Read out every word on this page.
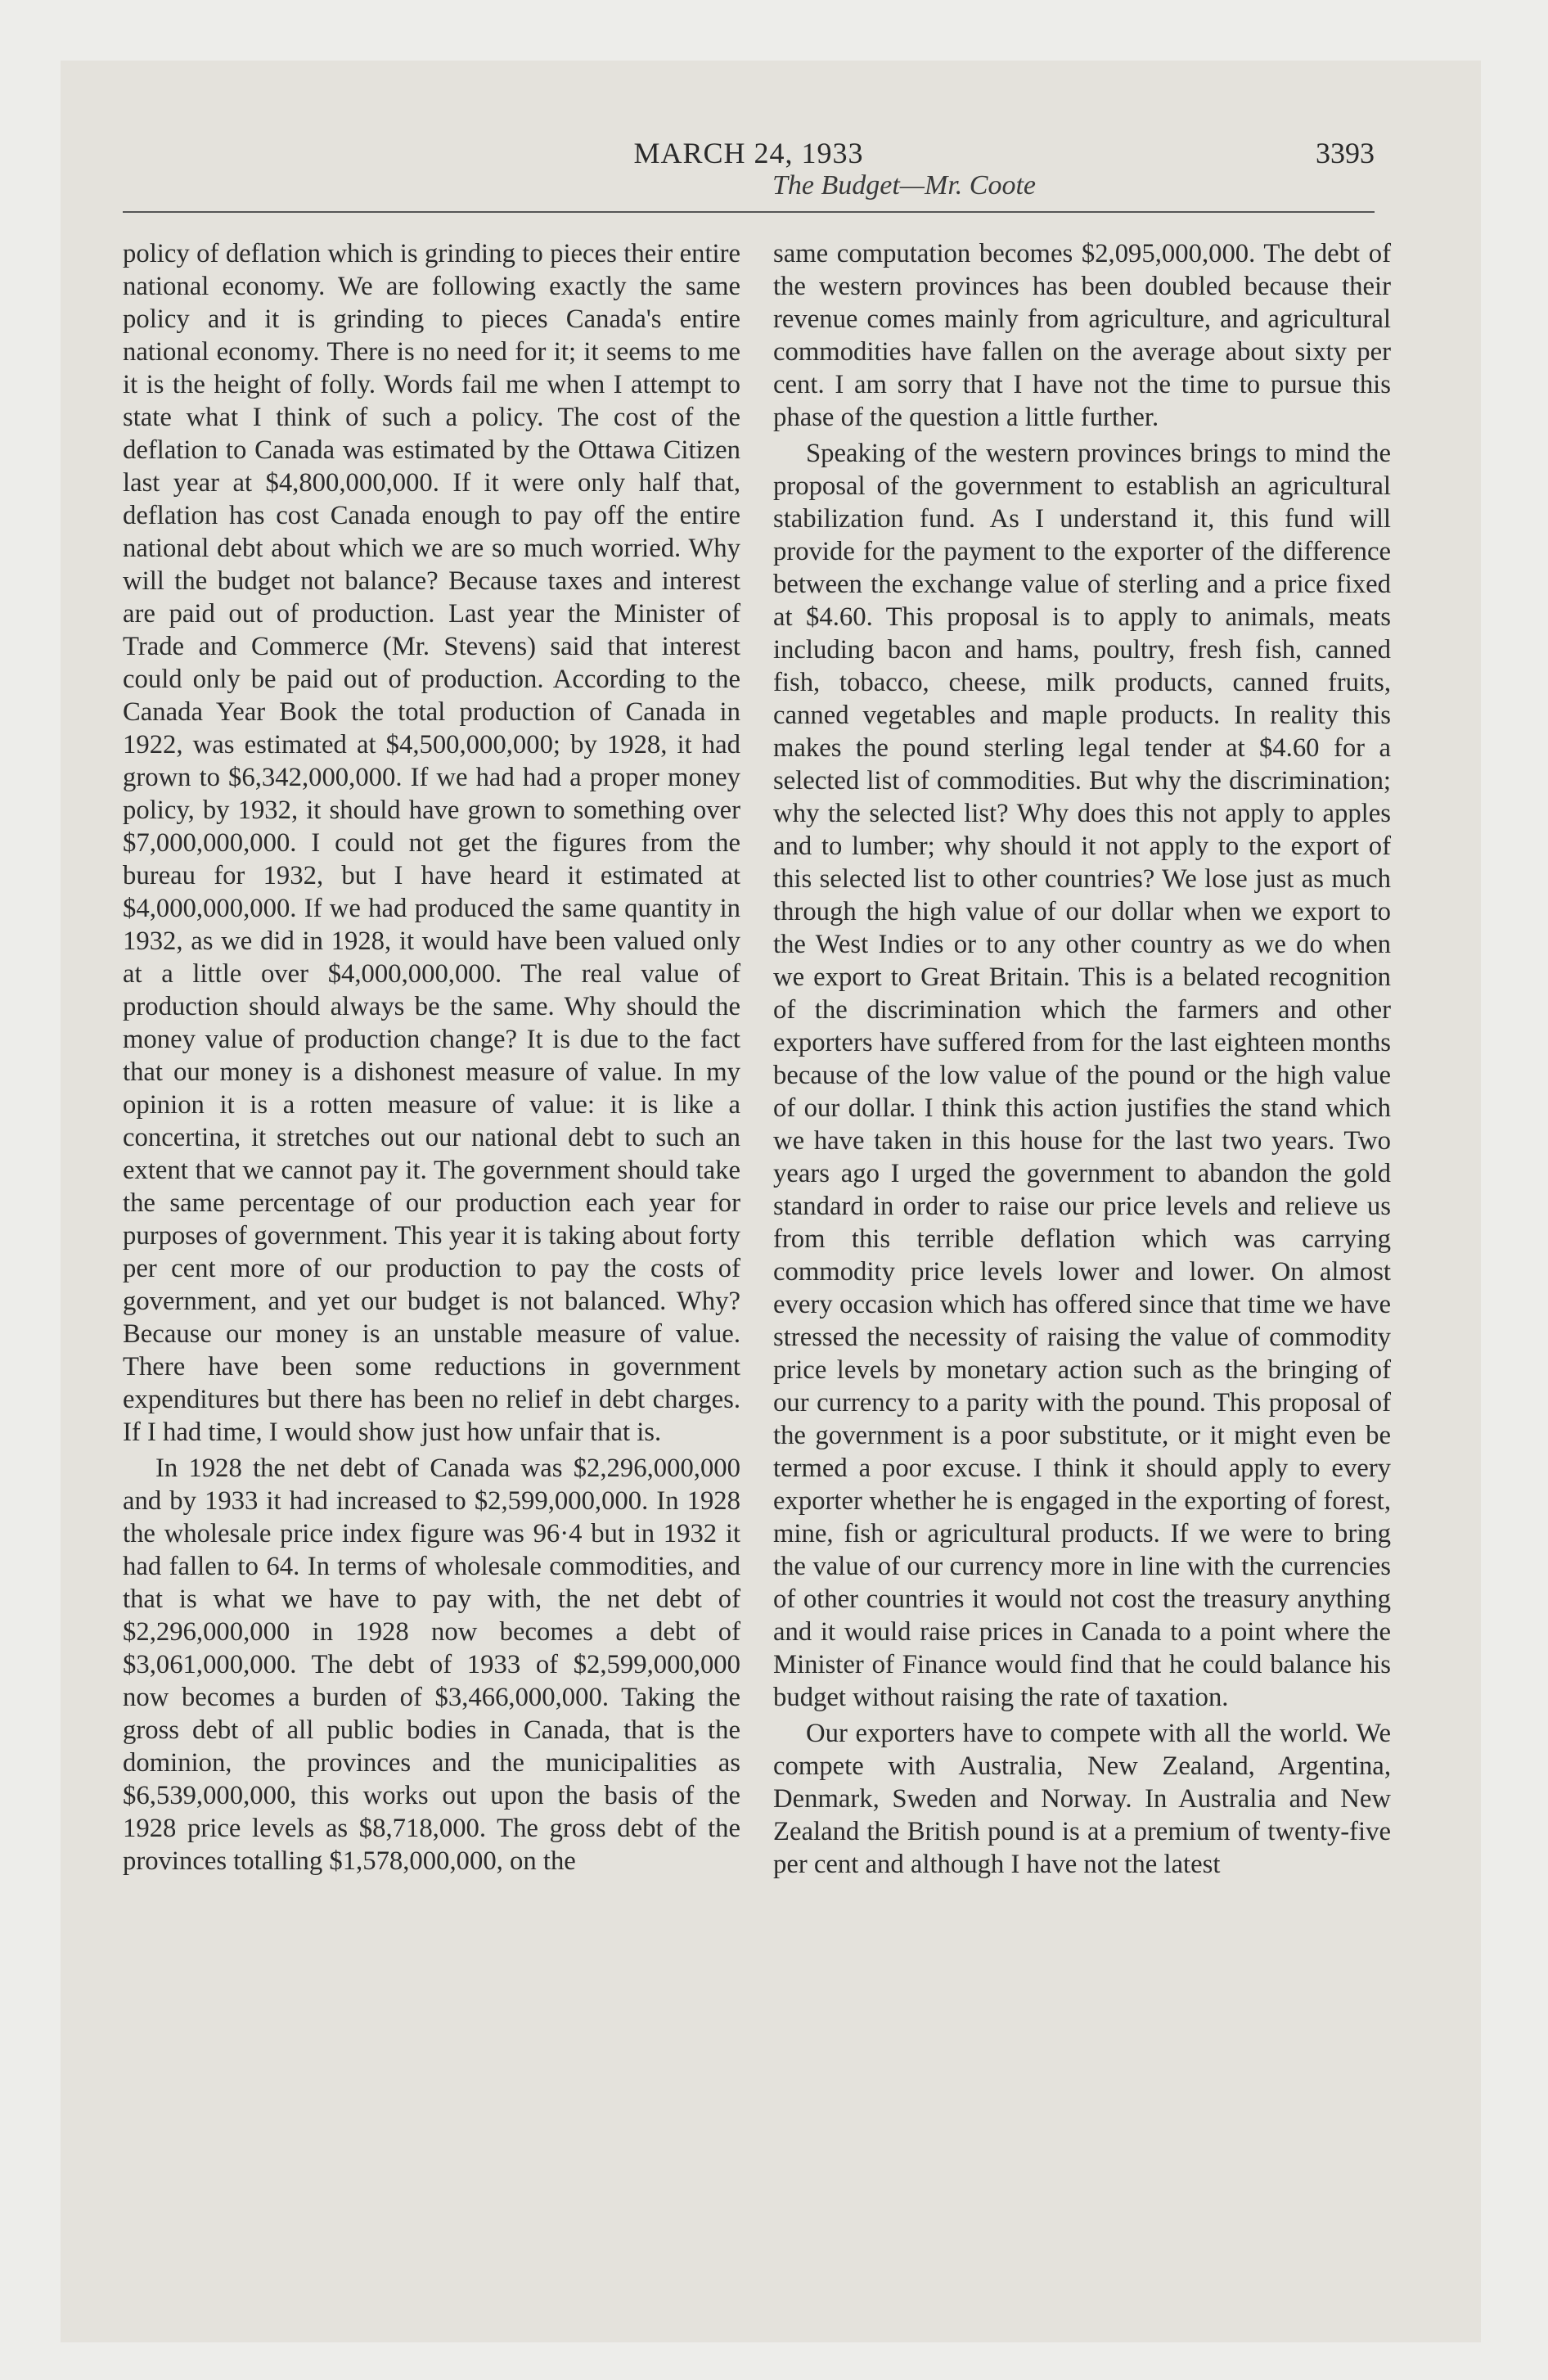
MARCH 24, 1933	3393
The Budget—Mr. Coote

policy of deflation which is grinding to pieces their entire national economy. We are following exactly the same policy and it is grinding to pieces Canada's entire national economy. There is no need for it; it seems to me it is the height of folly. Words fail me when I attempt to state what I think of such a policy. The cost of the deflation to Canada was estimated by the Ottawa Citizen last year at $4,800,000,000. If it were only half that, deflation has cost Canada enough to pay off the entire national debt about which we are so much worried. Why will the budget not balance? Because taxes and interest are paid out of production. Last year the Minister of Trade and Commerce (Mr. Stevens) said that interest could only be paid out of production. According to the Canada Year Book the total production of Canada in 1922, was estimated at $4,500,000,000; by 1928, it had grown to $6,342,000,000. If we had had a proper money policy, by 1932, it should have grown to something over $7,000,000,000. I could not get the figures from the bureau for 1932, but I have heard it estimated at $4,000,000,000. If we had produced the same quantity in 1932, as we did in 1928, it would have been valued only at a little over $4,000,000,000. The real value of production should always be the same. Why should the money value of production change? It is due to the fact that our money is a dishonest measure of value. In my opinion it is a rotten measure of value: it is like a concertina, it stretches out our national debt to such an extent that we cannot pay it. The government should take the same percentage of our production each year for purposes of government. This year it is taking about forty per cent more of our production to pay the costs of government, and yet our budget is not balanced. Why? Because our money is an unstable measure of value. There have been some reductions in government expenditures but there has been no relief in debt charges. If I had time, I would show just how unfair that is.

In 1928 the net debt of Canada was $2,296,000,000 and by 1933 it had increased to $2,599,000,000. In 1928 the wholesale price index figure was 96·4 but in 1932 it had fallen to 64. In terms of wholesale commodities, and that is what we have to pay with, the net debt of $2,296,000,000 in 1928 now becomes a debt of $3,061,000,000. The debt of 1933 of $2,599,000,000 now becomes a burden of $3,466,000,000. Taking the gross debt of all public bodies in Canada, that is the dominion, the provinces and the municipalities as $6,539,000,000, this works out upon the basis of the 1928 price levels as $8,718,000. The gross debt of the provinces totalling $1,578,000,000, on the

same computation becomes $2,095,000,000. The debt of the western provinces has been doubled because their revenue comes mainly from agriculture, and agricultural commodities have fallen on the average about sixty per cent. I am sorry that I have not the time to pursue this phase of the question a little further.

Speaking of the western provinces brings to mind the proposal of the government to establish an agricultural stabilization fund. As I understand it, this fund will provide for the payment to the exporter of the difference between the exchange value of sterling and a price fixed at $4.60. This proposal is to apply to animals, meats including bacon and hams, poultry, fresh fish, canned fish, tobacco, cheese, milk products, canned fruits, canned vegetables and maple products. In reality this makes the pound sterling legal tender at $4.60 for a selected list of commodities. But why the discrimination; why the selected list? Why does this not apply to apples and to lumber; why should it not apply to the export of this selected list to other countries? We lose just as much through the high value of our dollar when we export to the West Indies or to any other country as we do when we export to Great Britain. This is a belated recognition of the discrimination which the farmers and other exporters have suffered from for the last eighteen months because of the low value of the pound or the high value of our dollar. I think this action justifies the stand which we have taken in this house for the last two years. Two years ago I urged the government to abandon the gold standard in order to raise our price levels and relieve us from this terrible deflation which was carrying commodity price levels lower and lower. On almost every occasion which has offered since that time we have stressed the necessity of raising the value of commodity price levels by monetary action such as the bringing of our currency to a parity with the pound. This proposal of the government is a poor substitute, or it might even be termed a poor excuse. I think it should apply to every exporter whether he is engaged in the exporting of forest, mine, fish or agricultural products. If we were to bring the value of our currency more in line with the currencies of other countries it would not cost the treasury anything and it would raise prices in Canada to a point where the Minister of Finance would find that he could balance his budget without raising the rate of taxation.

Our exporters have to compete with all the world. We compete with Australia, New Zealand, Argentina, Denmark, Sweden and Norway. In Australia and New Zealand the British pound is at a premium of twenty-five per cent and although I have not the latest
